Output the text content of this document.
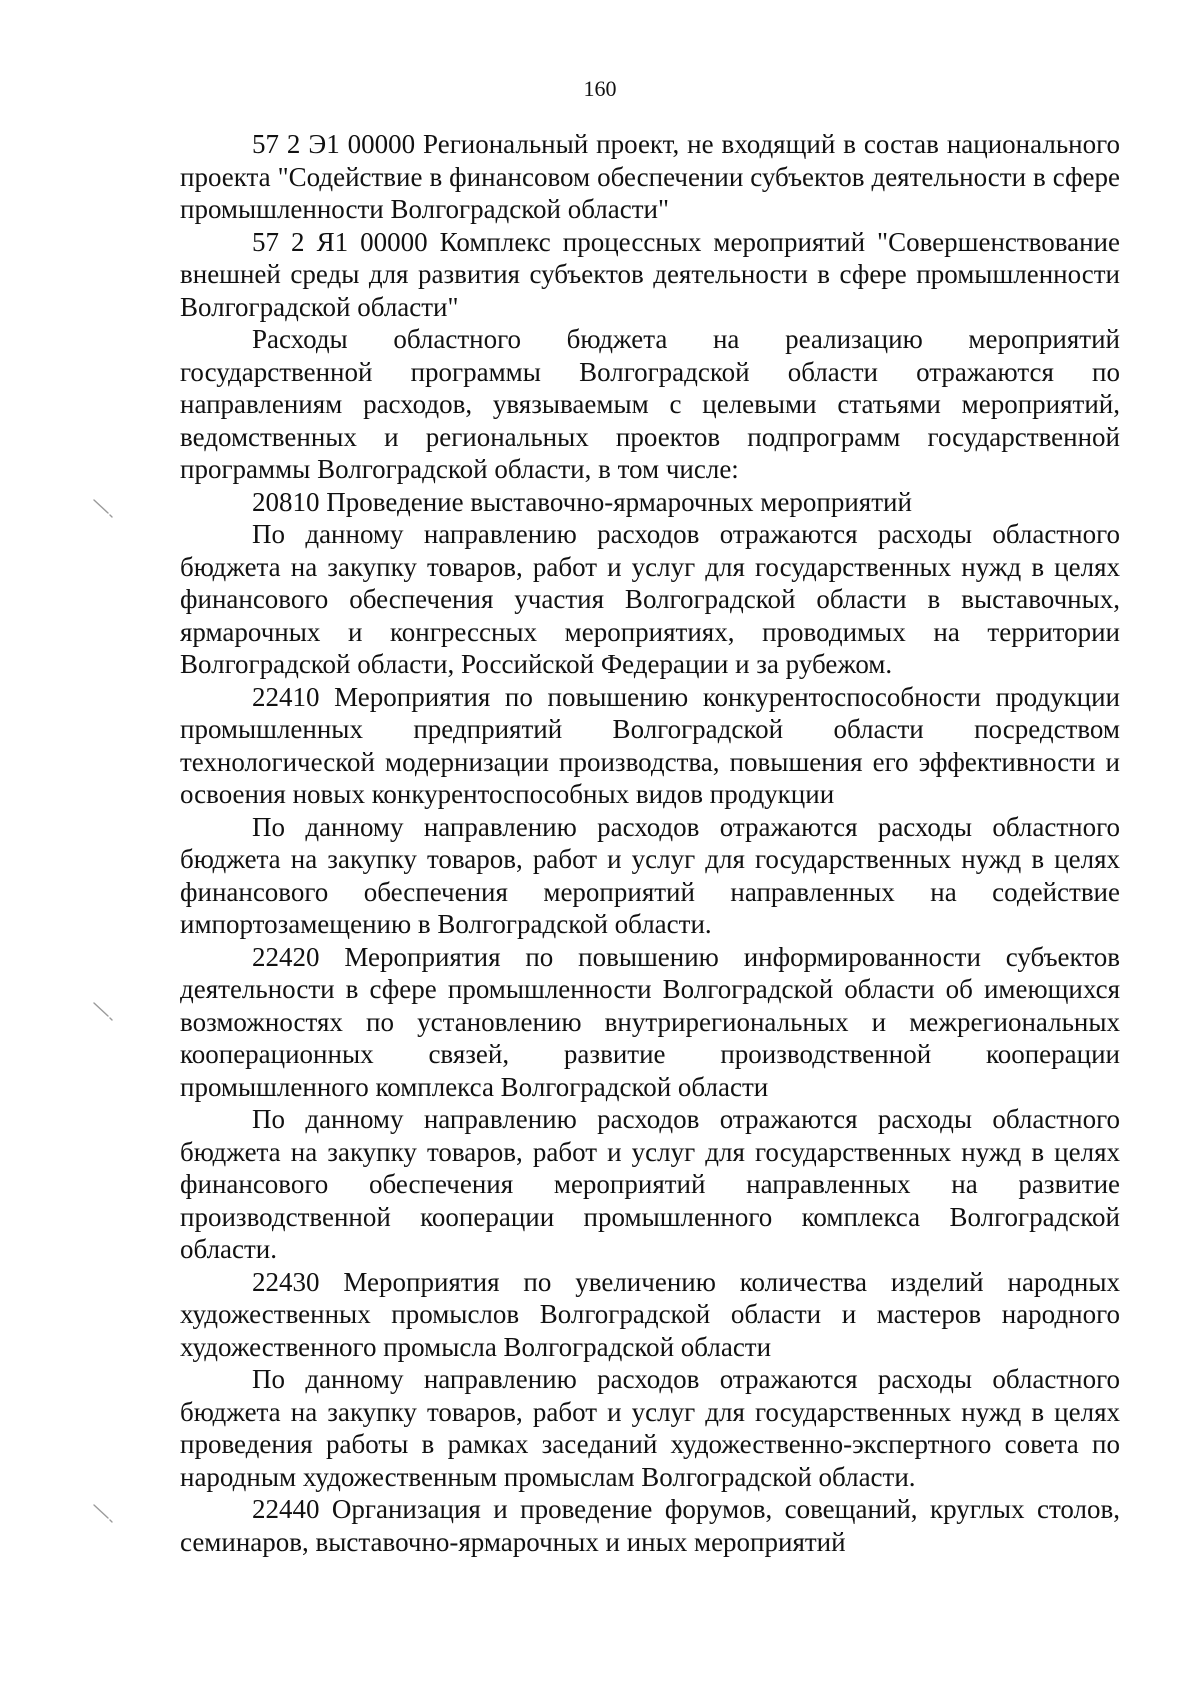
160

57 2 Э1 00000 Региональный проект, не входящий в состав национального проекта "Содействие в финансовом обеспечении субъектов деятельности в сфере промышленности Волгоградской области"

57 2 Я1 00000 Комплекс процессных мероприятий "Совершенствование внешней среды для развития субъектов деятельности в сфере промышленности Волгоградской области"

Расходы областного бюджета на реализацию мероприятий государственной программы Волгоградской области отражаются по направлениям расходов, увязываемым с целевыми статьями мероприятий, ведомственных и региональных проектов подпрограмм государственной программы Волгоградской области, в том числе:

20810 Проведение выставочно-ярмарочных мероприятий

По данному направлению расходов отражаются расходы областного бюджета на закупку товаров, работ и услуг для государственных нужд в целях финансового обеспечения участия Волгоградской области в выставочных, ярмарочных и конгрессных мероприятиях, проводимых на территории Волгоградской области, Российской Федерации и за рубежом.

22410 Мероприятия по повышению конкурентоспособности продукции промышленных предприятий Волгоградской области посредством технологической модернизации производства, повышения его эффективности и освоения новых конкурентоспособных видов продукции

По данному направлению расходов отражаются расходы областного бюджета на закупку товаров, работ и услуг для государственных нужд в целях финансового обеспечения мероприятий направленных на содействие импортозамещению в Волгоградской области.

22420 Мероприятия по повышению информированности субъектов деятельности в сфере промышленности Волгоградской области об имеющихся возможностях по установлению внутрирегиональных и межрегиональных кооперационных связей, развитие производственной кооперации промышленного комплекса Волгоградской области

По данному направлению расходов отражаются расходы областного бюджета на закупку товаров, работ и услуг для государственных нужд в целях финансового обеспечения мероприятий направленных на развитие производственной кооперации промышленного комплекса Волгоградской области.

22430 Мероприятия по увеличению количества изделий народных художественных промыслов Волгоградской области и мастеров народного художественного промысла Волгоградской области

По данному направлению расходов отражаются расходы областного бюджета на закупку товаров, работ и услуг для государственных нужд в целях проведения работы в рамках заседаний художественно-экспертного совета по народным художественным промыслам Волгоградской области.

22440 Организация и проведение форумов, совещаний, круглых столов, семинаров, выставочно-ярмарочных и иных мероприятий
